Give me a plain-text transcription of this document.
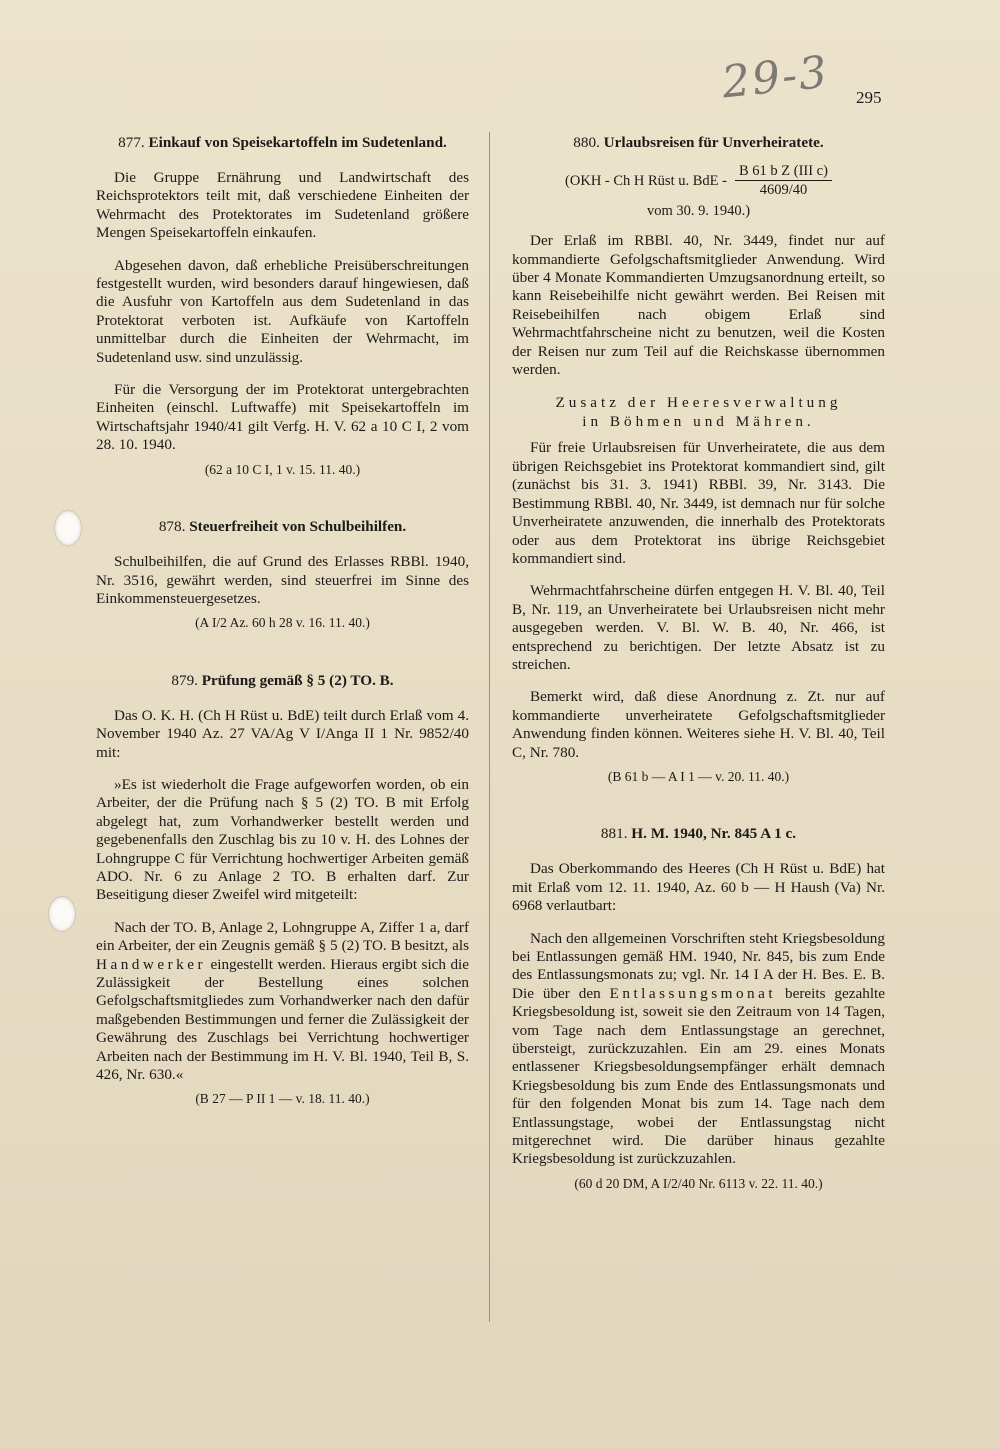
29-3 295
877. Einkauf von Speisekartoffeln im Sudetenland.

Die Gruppe Ernährung und Landwirtschaft des Reichsprotektors teilt mit, daß verschiedene Einheiten der Wehrmacht des Protektorates im Sudetenland größere Mengen Speisekartoffeln einkaufen.

Abgesehen davon, daß erhebliche Preisüberschreitungen festgestellt wurden, wird besonders darauf hingewiesen, daß die Ausfuhr von Kartoffeln aus dem Sudetenland in das Protektorat verboten ist. Aufkäufe von Kartoffeln unmittelbar durch die Einheiten der Wehrmacht, im Sudetenland usw. sind unzulässig.

Für die Versorgung der im Protektorat untergebrachten Einheiten (einschl. Luftwaffe) mit Speisekartoffeln im Wirtschaftsjahr 1940/41 gilt Verfg. H. V. 62 a 10 C I, 2 vom 28. 10. 1940.

(62 a 10 C I, 1 v. 15. 11. 40.)

878. Steuerfreiheit von Schulbeihilfen.

Schulbeihilfen, die auf Grund des Erlasses RBBl. 1940, Nr. 3516, gewährt werden, sind steuerfrei im Sinne des Einkommensteuergesetzes.

(A I/2 Az. 60 h 28 v. 16. 11. 40.)

879. Prüfung gemäß § 5 (2) TO. B.

Das O. K. H. (Ch H Rüst u. BdE) teilt durch Erlaß vom 4. November 1940 Az. 27 VA/Ag V I/Anga II 1 Nr. 9852/40 mit:

»Es ist wiederholt die Frage aufgeworfen worden, ob ein Arbeiter, der die Prüfung nach § 5 (2) TO. B mit Erfolg abgelegt hat, zum Vorhandwerker bestellt werden und gegebenenfalls den Zuschlag bis zu 10 v. H. des Lohnes der Lohngruppe C für Verrichtung hochwertiger Arbeiten gemäß ADO. Nr. 6 zu Anlage 2 TO. B erhalten darf. Zur Beseitigung dieser Zweifel wird mitgeteilt:

Nach der TO. B, Anlage 2, Lohngruppe A, Ziffer 1 a, darf ein Arbeiter, der ein Zeugnis gemäß § 5 (2) TO. B besitzt, als Handwerker eingestellt werden. Hieraus ergibt sich die Zulässigkeit der Bestellung eines solchen Gefolgschaftsmitgliedes zum Vorhandwerker nach den dafür maßgebenden Bestimmungen und ferner die Zulässigkeit der Gewährung des Zuschlags bei Verrichtung hochwertiger Arbeiten nach der Bestimmung im H. V. Bl. 1940, Teil B, S. 426, Nr. 630.«

(B 27 — P II 1 — v. 18. 11. 40.)

880. Urlaubsreisen für Unverheiratete.
(OKH - Ch H Rüst u. BdE - $\frac{\text{B 61 b Z (III c)}}{4609/40}$
vom 30. 9. 1940.)

Der Erlaß im RBBl. 40, Nr. 3449, findet nur auf kommandierte Gefolgschaftsmitglieder Anwendung. Wird über 4 Monate Kommandierten Umzugsanordnung erteilt, so kann Reisebeihilfe nicht gewährt werden. Bei Reisen mit Reisebeihilfen nach obigem Erlaß sind Wehrmachtfahrscheine nicht zu benutzen, weil die Kosten der Reisen nur zum Teil auf die Reichskasse übernommen werden.

Zusatz der Heeresverwaltung
in Böhmen und Mähren.

Für freie Urlaubsreisen für Unverheiratete, die aus dem übrigen Reichsgebiet ins Protektorat kommandiert sind, gilt (zunächst bis 31. 3. 1941) RBBl. 39, Nr. 3143. Die Bestimmung RBBl. 40, Nr. 3449, ist demnach nur für solche Unverheiratete anzuwenden, die innerhalb des Protektorats oder aus dem Protektorat ins übrige Reichsgebiet kommandiert sind.

Wehrmachtfahrscheine dürfen entgegen H. V. Bl. 40, Teil B, Nr. 119, an Unverheiratete bei Urlaubsreisen nicht mehr ausgegeben werden. V. Bl. W. B. 40, Nr. 466, ist entsprechend zu berichtigen. Der letzte Absatz ist zu streichen.

Bemerkt wird, daß diese Anordnung z. Zt. nur auf kommandierte unverheiratete Gefolgschaftsmitglieder Anwendung finden können. Weiteres siehe H. V. Bl. 40, Teil C, Nr. 780.

(B 61 b — A I 1 — v. 20. 11. 40.)

881. H. M. 1940, Nr. 845 A 1 c.

Das Oberkommando des Heeres (Ch H Rüst u. BdE) hat mit Erlaß vom 12. 11. 1940, Az. 60 b — H Haush (Va) Nr. 6968 verlautbart:

Nach den allgemeinen Vorschriften steht Kriegsbesoldung bei Entlassungen gemäß HM. 1940, Nr. 845, bis zum Ende des Entlassungsmonats zu; vgl. Nr. 14 I A der H. Bes. E. B. Die über den Entlassungsmonat bereits gezahlte Kriegsbesoldung ist, soweit sie den Zeitraum von 14 Tagen, vom Tage nach dem Entlassungstage an gerechnet, übersteigt, zurückzuzahlen. Ein am 29. eines Monats entlassener Kriegsbesoldungsempfänger erhält demnach Kriegsbesoldung bis zum Ende des Entlassungsmonats und für den folgenden Monat bis zum 14. Tage nach dem Entlassungstage, wobei der Entlassungstag nicht mitgerechnet wird. Die darüber hinaus gezahlte Kriegsbesoldung ist zurückzuzahlen.

(60 d 20 DM, A I/2/40 Nr. 6113 v. 22. 11. 40.)
